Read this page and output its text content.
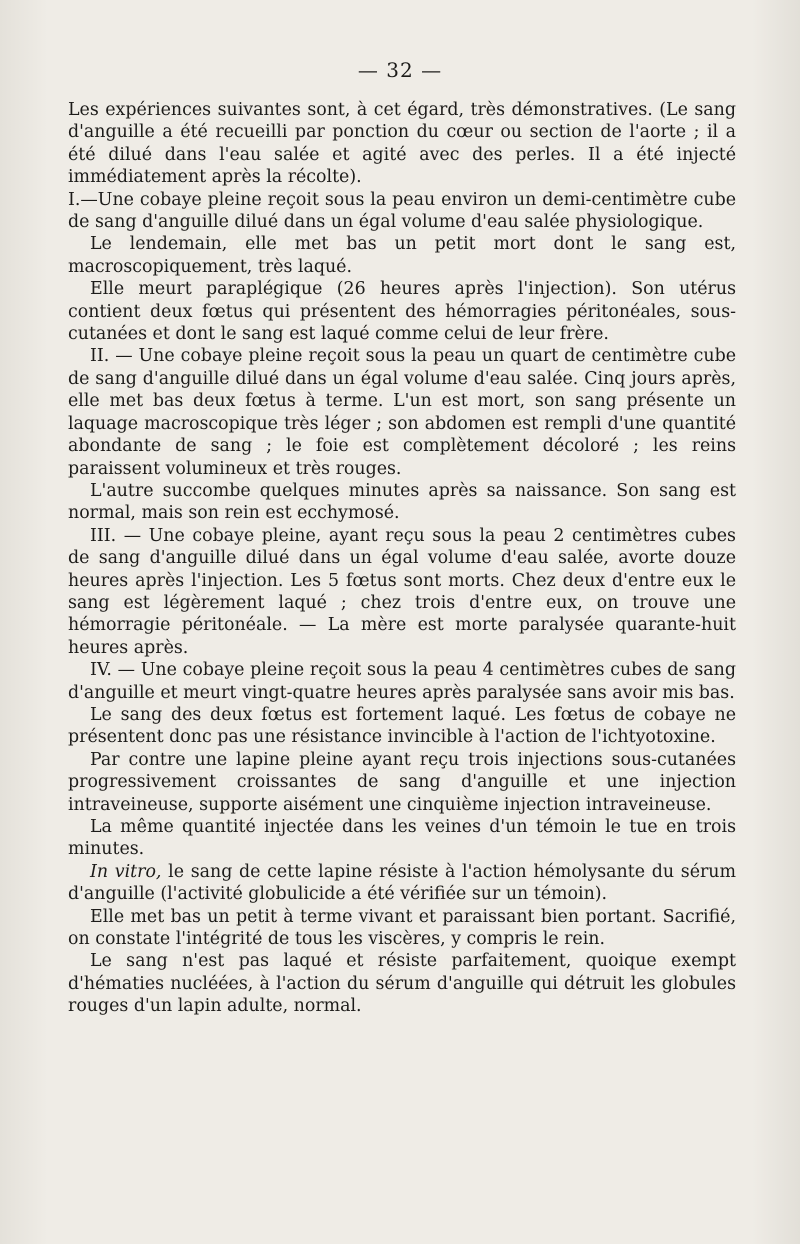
— 32 —

Les expériences suivantes sont, à cet égard, très démonstratives. (Le sang d'anguille a été recueilli par ponction du cœur ou section de l'aorte ; il a été dilué dans l'eau salée et agité avec des perles. Il a été injecté immédiatement après la récolte).

I.—Une cobaye pleine reçoit sous la peau environ un demi-centimètre cube de sang d'anguille dilué dans un égal volume d'eau salée physiologique.

Le lendemain, elle met bas un petit mort dont le sang est, macroscopiquement, très laqué.

Elle meurt paraplégique (26 heures après l'injection). Son utérus contient deux fœtus qui présentent des hémorragies péritonéales, sous-cutanées et dont le sang est laqué comme celui de leur frère.

II. — Une cobaye pleine reçoit sous la peau un quart de centimètre cube de sang d'anguille dilué dans un égal volume d'eau salée. Cinq jours après, elle met bas deux fœtus à terme. L'un est mort, son sang présente un laquage macroscopique très léger ; son abdomen est rempli d'une quantité abondante de sang ; le foie est complètement décoloré ; les reins paraissent volumineux et très rouges.

L'autre succombe quelques minutes après sa naissance. Son sang est normal, mais son rein est ecchymosé.

III. — Une cobaye pleine, ayant reçu sous la peau 2 centimètres cubes de sang d'anguille dilué dans un égal volume d'eau salée, avorte douze heures après l'injection. Les 5 fœtus sont morts. Chez deux d'entre eux le sang est légèrement laqué ; chez trois d'entre eux, on trouve une hémorragie péritonéale. — La mère est morte paralysée quarante-huit heures après.

IV. — Une cobaye pleine reçoit sous la peau 4 centimètres cubes de sang d'anguille et meurt vingt-quatre heures après paralysée sans avoir mis bas.

Le sang des deux fœtus est fortement laqué. Les fœtus de cobaye ne présentent donc pas une résistance invincible à l'action de l'ichtyotoxine.

Par contre une lapine pleine ayant reçu trois injections sous-cutanées progressivement croissantes de sang d'anguille et une injection intraveineuse, supporte aisément une cinquième injection intraveineuse.

La même quantité injectée dans les veines d'un témoin le tue en trois minutes.

In vitro, le sang de cette lapine résiste à l'action hémolysante du sérum d'anguille (l'activité globulicide a été vérifiée sur un témoin).

Elle met bas un petit à terme vivant et paraissant bien portant. Sacrifié, on constate l'intégrité de tous les viscères, y compris le rein.

Le sang n'est pas laqué et résiste parfaitement, quoique exempt d'hématies nucléées, à l'action du sérum d'anguille qui détruit les globules rouges d'un lapin adulte, normal.
